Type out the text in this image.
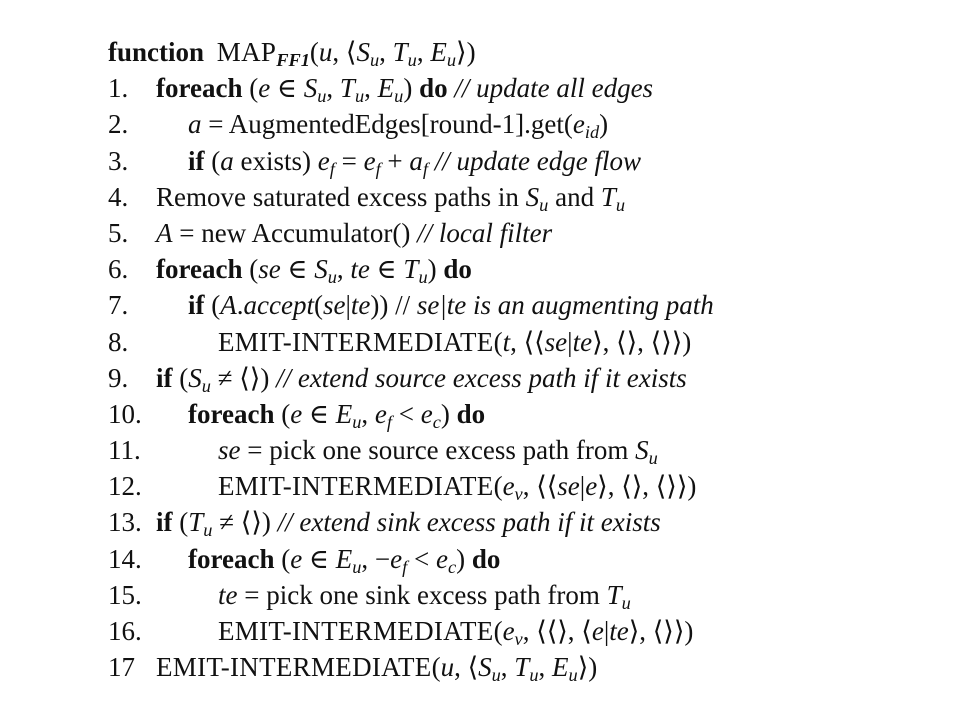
function $MAP_{FF1}(u$, $⟨S_u$, $T_u$, $E_u⟩$)
1. foreach (e ∈ $S_u$, $T_u$, $E_u$) do // update all edges
2. $a = AugmentedEdges[round-1].get(e_{id})$
3. if (a exists) $e_f = e_f + a_f$ // update edge flow
4. Remove saturated excess paths in $S_u$ and $T_u$
5. A = new Accumulator() // local filter
6. foreach (se ∈ $S_u$, te ∈ $T_u$) do
7. if (A.accept(se|te)) // se|te is an augmenting path
8.	EMIT-INTERMEDIATE(t, ⟨⟨se|te⟩, ⟨⟩, ⟨⟩⟩)
9. if ($S_u$ ≠ ⟨⟩) // extend source excess path if it exists
10. foreach (e ∈ $E_u$, $e_f < e_c$) do
11.	se = pick one source excess path from $S_u$
12.	EMIT-$INTERMEDIATE(e_v$, ⟨⟨se|e⟩, ⟨⟩, ⟨⟩⟩)
13. if ($T_u$ ≠ ⟨⟩) // extend sink excess path if it exists
14. foreach (e ∈ $E_u$, $-e_f < e_c$) do
15.	te = pick one sink excess path from $T_u$
16.	EMIT-$INTERMEDIATE(e_v$, ⟨⟨⟩, ⟨e|te⟩, ⟨⟩⟩)
17 EMIT-INTERMEDIATE(u, $⟨S_u$, $T_u$, $E_u⟩$)
